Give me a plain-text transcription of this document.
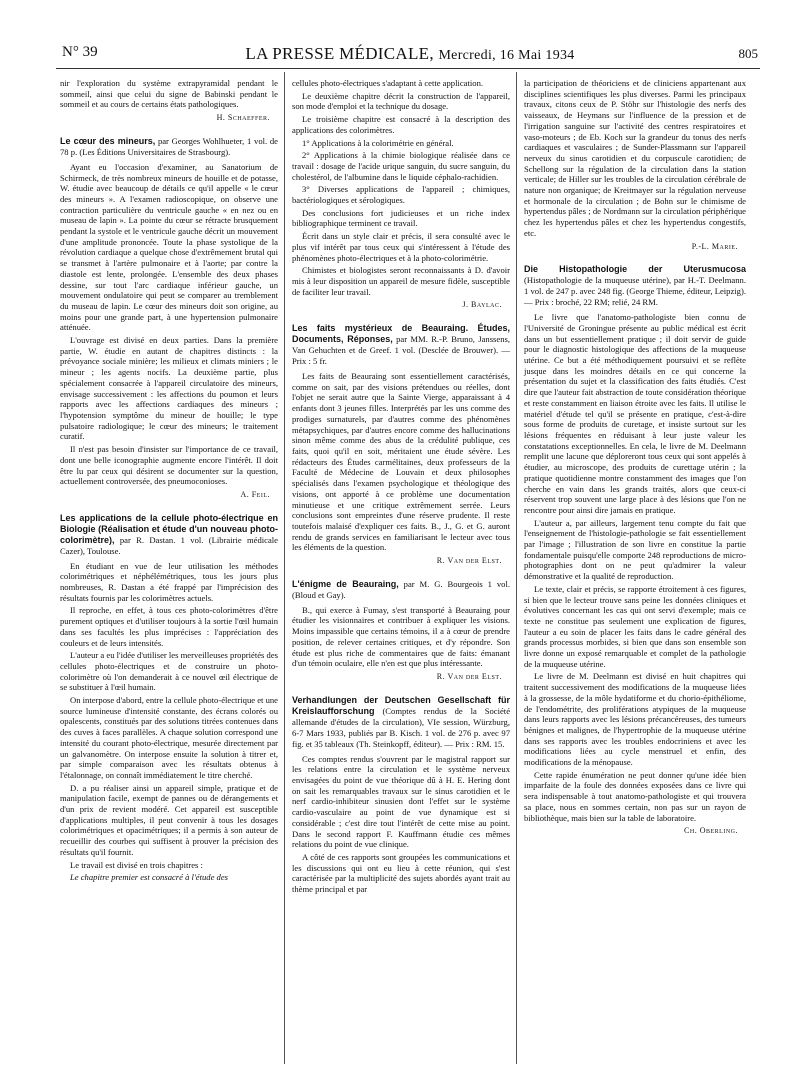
N° 39	LA PRESSE MÉDICALE, Mercredi, 16 Mai 1934	805

nir l'exploration du système extrapyramidal pendant le sommeil, ainsi que celui du signe de Babinski pendant le sommeil et au cours de certains états pathologiques.

H. Schaeffer.

Le cœur des mineurs, par Georges Wohlhueter, 1 vol. de 78 p. (Les Éditions Universitaires de Strasbourg).

Ayant eu l'occasion d'examiner, au Sanatorium de Schirmeck, de très nombreux mineurs de houille et de potasse, W. étudie avec beaucoup de détails ce qu'il appelle « le cœur des mineurs ». A l'examen radioscopique, on observe une contraction particulière du ventricule gauche « en nez ou en museau de lapin ». La pointe du cœur se rétracte brusquement pendant la systole et le ventricule gauche décrit un mouvement d'une amplitude prononcée. Toute la phase systolique de la révolution cardiaque a quelque chose d'extrêmement brutal qui se transmet à l'artère pulmonaire et à l'aorte; par contre la diastole est lente, prolongée. L'ensemble des deux phases dessine, sur tout l'arc cardiaque inférieur gauche, un mouvement ondulatoire qui peut se comparer au tremblement du museau de lapin. Le cœur des mineurs doit son origine, au moins pour une grande part, à une hypertension pulmonaire atténuée.

L'ouvrage est divisé en deux parties. Dans la première partie, W. étudie en autant de chapitres distincts : la prévoyance sociale minière; les milieux et climats miniers ; le mineur ; les agents nocifs. La deuxième partie, plus spécialement consacrée à l'appareil circulatoire des mineurs, envisage successivement : les affections du poumon et leurs rapports avec les affections cardiaques des mineurs ; l'hypotension symptôme du mineur de houille; le type pulsatoire radiologique; le cœur des mineurs; le traitement curatif.

Il n'est pas besoin d'insister sur l'importance de ce travail, dont une belle iconographie augmente encore l'intérêt. Il doit être lu par ceux qui désirent se documenter sur la question, actuellement controversée, des pneumoconioses.

A. Feil.

Les applications de la cellule photo-électrique en Biologie (Réalisation et étude d'un nouveau photo-colorimètre), par R. Dastan. 1 vol. (Librairie médicale Cazer), Toulouse.

En étudiant en vue de leur utilisation les méthodes colorimétriques et néphélémétriques, tous les jours plus nombreuses, R. Dastan a été frappé par l'imprécision des résultats fournis par les colorimètres actuels.

Il reproche, en effet, à tous ces photo-colorimètres d'être purement optiques et d'utiliser toujours à la sortie l'œil humain dans ses facultés les plus imprécises : l'appréciation des couleurs et de leurs intensités.

L'auteur a eu l'idée d'utiliser les merveilleuses propriétés des cellules photo-électriques et de construire un photo-colorimètre où l'on demanderait à ce nouvel œil électrique de se substituer à l'œil humain.

On interpose d'abord, entre la cellule photo-électrique et une source lumineuse d'intensité constante, des écrans colorés ou opalescents, constitués par des solutions titrées contenues dans des cuves à faces parallèles. A chaque solution correspond une intensité du courant photo-électrique, mesurée directement par un galvanomètre. On interpose ensuite la solution à titrer et, par simple comparaison avec les résultats obtenus à l'étalonnage, on connaît immédiatement le titre cherché.

D. a pu réaliser ainsi un appareil simple, pratique et de manipulation facile, exempt de pannes ou de dérangements et d'un prix de revient modéré. Cet appareil est susceptible d'applications multiples, il peut convenir à tous les dosages colorimétriques et opacimétriques; il a permis à son auteur de recueillir des courbes qui suffisent à prouver la précision des résultats qu'il fournit.

Le travail est divisé en trois chapitres :

Le chapitre premier est consacré à l'étude des

cellules photo-électriques s'adaptant à cette application.

Le deuxième chapitre décrit la construction de l'appareil, son mode d'emploi et la technique du dosage.

Le troisième chapitre est consacré à la description des applications des colorimètres.

1° Applications à la colorimétrie en général.

2° Applications à la chimie biologique réalisée dans ce travail : dosage de l'acide urique sanguin, du sucre sanguin, du cholestérol, de l'albumine dans le liquide céphalo-rachidien.

3° Diverses applications de l'appareil ; chimiques, bactériologiques et sérologiques.

Des conclusions fort judicieuses et un riche index bibliographique terminent ce travail.

Écrit dans un style clair et précis, il sera consulté avec le plus vif intérêt par tous ceux qui s'intéressent à l'étude des phénomènes photo-électriques et à la photo-colorimétrie.

Chimistes et biologistes seront reconnaissants à D. d'avoir mis à leur disposition un appareil de mesure fidèle, susceptible de faciliter leur travail.

J. Baylac.

Les faits mystérieux de Beauraing. Études, Documents, Réponses, par MM. R.-P. Bruno, Janssens, Van Gehuchten et de Greef. 1 vol. (Desclée de Brouwer). — Prix : 5 fr.

Les faits de Beauraing sont essentiellement caractérisés, comme on sait, par des visions prétendues ou réelles, dont l'objet ne serait autre que la Sainte Vierge, apparaissant à 4 enfants dont 3 jeunes filles. Interprétés par les uns comme des prodiges surnaturels, par d'autres comme des phénomènes métapsychiques, par d'autres encore comme des hallucinations sinon même comme des abus de la crédulité publique, ces faits, quoi qu'il en soit, méritaient une étude sévère. Les rédacteurs des Études carmélitaines, deux professeurs de la Faculté de Médecine de Louvain et deux philosophes spécialisés dans l'examen psychologique et théologique des visions, ont apporté à ce problème une documentation minutieuse et une critique extrêmement serrée. Leurs conclusions sont empreintes d'une réserve prudente. Il reste toutefois malaisé d'expliquer ces faits. B., J., G. et G. auront rendu de grands services en familiarisant le lecteur avec tous les éléments de la question.

R. Van der Elst.

L'énigme de Beauraing, par M. G. Bourgeois 1 vol. (Bloud et Gay).

B., qui exerce à Fumay, s'est transporté à Beauraing pour étudier les visionnaires et contribuer à expliquer les visions. Moins impassible que certains témoins, il a à cœur de prendre position, de relever certaines critiques, et d'y répondre. Son étude est plus riche de commentaires que de faits: émanant d'un témoin oculaire, elle n'en est que plus intéressante.

R. Van der Elst.

Verhandlungen der Deutschen Gesellschaft für Kreislaufforschung (Comptes rendus de la Société allemande d'études de la circulation), VIe session, Würzburg, 6-7 Mars 1933, publiés par B. Kisch. 1 vol. de 276 p. avec 97 fig. et 35 tableaux (Th. Steinkopff, éditeur). — Prix : RM. 15.

Ces comptes rendus s'ouvrent par le magistral rapport sur les relations entre la circulation et le système nerveux envisagées du point de vue théorique dû à H. E. Hering dont on sait les remarquables travaux sur le sinus carotidien et le nerf cardio-inhibiteur sinusien dont l'effet sur le système cardio-vasculaire au point de vue dynamique est si considérable ; c'est dire tout l'intérêt de cette mise au point. Dans le second rapport F. Kauffmann étudie ces mêmes relations du point de vue clinique.

A côté de ces rapports sont groupées les communications et les discussions qui ont eu lieu à cette réunion, qui s'est caractérisée par la multiplicité des sujets abordés ayant trait au thème principal et par

la participation de théoriciens et de cliniciens appartenant aux disciplines scientifiques les plus diverses. Parmi les principaux travaux, citons ceux de P. Stöhr sur l'histologie des nerfs des vaisseaux, de Heymans sur l'influence de la pression et de l'irrigation sanguine sur l'activité des centres respiratoires et vaso-moteurs ; de Eb. Koch sur la grandeur du tonus des nerfs cardiaques et vasculaires ; de Sunder-Plassmann sur l'appareil nerveux du sinus carotidien et du corpuscule carotidien; de Schellong sur la régulation de la circulation dans la station verticale; de Hiller sur les troubles de la circulation cérébrale de nature non organique; de Kreitmayer sur la régulation nerveuse et hormonale de la circulation ; de Bohn sur le chimisme de hypertendus pâles ; de Nordmann sur la circulation périphérique chez les hypertendus pâles et chez les hypertendus congestifs, etc.

P.-L. Marie.

Die Histopathologie der Uterusmucosa (Histopathologie de la muqueuse utérine), par H.-T. Deelmann. 1 vol. de 247 p. avec 248 fig. (George Thieme, éditeur, Leipzig). — Prix : broché, 22 RM; relié, 24 RM.

Le livre que l'anatomo-pathologiste bien connu de l'Université de Groningue présente au public médical est écrit dans un but essentiellement pratique ; il doit servir de guide pour le diagnostic histologique des affections de la muqueuse utérine. Ce but a été méthodiquement poursuivi et se reflète jusque dans les moindres détails en ce qui concerne la présentation du sujet et la classification des faits étudiés. C'est dire que l'auteur fait abstraction de toute considération théorique et reste constamment en liaison étroite avec les faits. Il utilise le matériel d'étude tel qu'il se présente en pratique, c'est-à-dire sous forme de produits de curetage, et insiste surtout sur les lésions fréquentes en réduisant à leur juste valeur les constatations exceptionnelles. En cela, le livre de M. Deelmann remplit une lacune que déploreront tous ceux qui sont appelés à étudier, au microscope, des produits de curettage utérin ; la pratique quotidienne montre constamment des images que l'on cherche en vain dans les grands traités, alors que ceux-ci réservent trop souvent une large place à des lésions que l'on ne rencontre pour ainsi dire jamais en pratique.

L'auteur a, par ailleurs, largement tenu compte du fait que l'enseignement de l'histologie-pathologie se fait essentiellement par l'image ; l'illustration de son livre en constitue la partie fondamentale puisqu'elle comporte 248 reproductions de micro-photographies dont on ne peut qu'admirer la valeur démonstrative et la qualité de reproduction.

Le texte, clair et précis, se rapporte étroitement à ces figures, si bien que le lecteur trouve sans peine les données cliniques et évolutives concernant les cas qui ont servi d'exemple; mais ce texte ne constitue pas seulement une explication de figures, l'auteur a eu soin de placer les faits dans le cadre général des grands processus morbides, si bien que dans son ensemble son livre donne un exposé remarquable et complet de la pathologie de la muqueuse utérine.

Le livre de M. Deelmann est divisé en huit chapitres qui traitent successivement des modifications de la muqueuse liées à la grossesse, de la môle hydatiforme et du chorio-épithéliome, de l'endométrite, des proliférations atypiques de la muqueuse dans leurs rapports avec les lésions précancéreuses, des tumeurs bénignes et malignes, de l'hypertrophie de la muqueuse utérine dans ses rapports avec les troubles endocriniens et avec les modifications liées au cycle menstruel et enfin, des modifications de la ménopause.

Cette rapide énumération ne peut donner qu'une idée bien imparfaite de la foule des données exposées dans ce livre qui sera indispensable à tout anatomo-pathologiste et qui trouvera sa place, nous en sommes certain, non pas sur un rayon de bibliothèque, mais bien sur la table de laboratoire.

Ch. Oberling.
